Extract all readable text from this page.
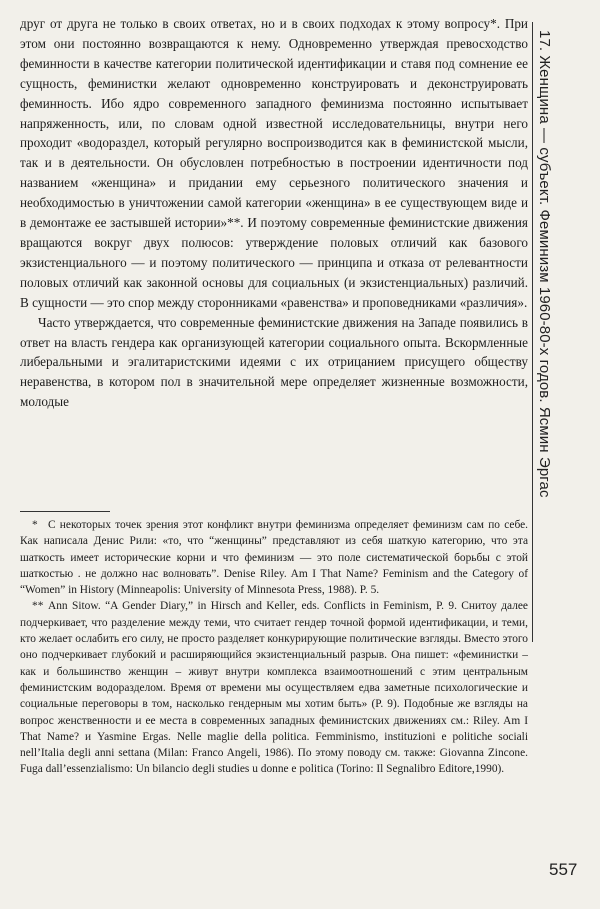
друг от друга не только в своих ответах, но и в своих подходах к этому вопросу*. При этом они постоянно возвращаются к нему. Одновременно утверждая превосходство феминности в качестве категории политической идентификации и ставя под сомнение ее сущность, феминистки желают одновременно конструировать и деконструировать феминность. Ибо ядро современного западного феминизма постоянно испытывает напряженность, или, по словам одной известной исследовательницы, внутри него проходит «водораздел, который регулярно воспроизводится как в феминистской мысли, так и в деятельности. Он обусловлен потребностью в построении идентичности под названием «женщина» и придании ему серьезного политического значения и необходимостью в уничтожении самой категории «женщина» в ее существующем виде и в демонтаже ее застывшей истории»**. И поэтому современные феминистские движения вращаются вокруг двух полюсов: утверждение половых отличий как базового экзистенциального — и поэтому политического — принципа и отказа от релевантности половых отличий как законной основы для социальных (и экзистенциальных) различий. В сущности — это спор между сторонниками «равенства» и проповедниками «различия».

Часто утверждается, что современные феминистские движения на Западе появились в ответ на власть гендера как организующей категории социального опыта. Вскормленные либеральными и эгалитаристскими идеями с их отрицанием присущего обществу неравенства, в котором пол в значительной мере определяет жизненные возможности, молодые

* С некоторых точек зрения этот конфликт внутри феминизма определяет феминизм сам по себе. Как написала Денис Рили: «то, что “женщины” представляют из себя шаткую категорию, что эта шаткость имеет исторические корни и что феминизм — это поле систематической борьбы с этой шаткостью . не должно нас волновать”. Denise Riley. Am I That Name? Feminism and the Category of “Women” in History (Minneapolis: University of Minnesota Press, 1988). P. 5.

** Ann Sitow. “A Gender Diary,” in Hirsch and Keller, eds. Conflicts in Feminism, P. 9. Снитоу далее подчеркивает, что разделение между теми, что считает гендер точной формой идентификации, и теми, кто желает ослабить его силу, не просто разделяет конкурирующие политические взгляды. Вместо этого оно подчеркивает глубокий и расширяющийся экзистенциальный разрыв. Она пишет: «феминистки – как и большинство женщин – живут внутри комплекса взаимоотношений с этим центральным феминистским водоразделом. Время от времени мы осуществляем едва заметные психологические и социальные переговоры в том, насколько гендерным мы хотим быть» (P. 9). Подобные же взгляды на вопрос женственности и ее места в современных западных феминистских движениях см.: Riley. Am I That Name? и Yasmine Ergas. Nelle maglie della politica. Femminismo, instituzioni e politiche sociali nell’Italia degli anni settana (Milan: Franco Angeli, 1986). По этому поводу см. также: Giovanna Zincone. Fuga dall’essenzialismo: Un bilancio degli studies u donne e politica (Torino: Il Segnalibro Editore,1990).

17. Женщина — субъект. Феминизм 1960-80-х годов. Ясмин Эргас
557
